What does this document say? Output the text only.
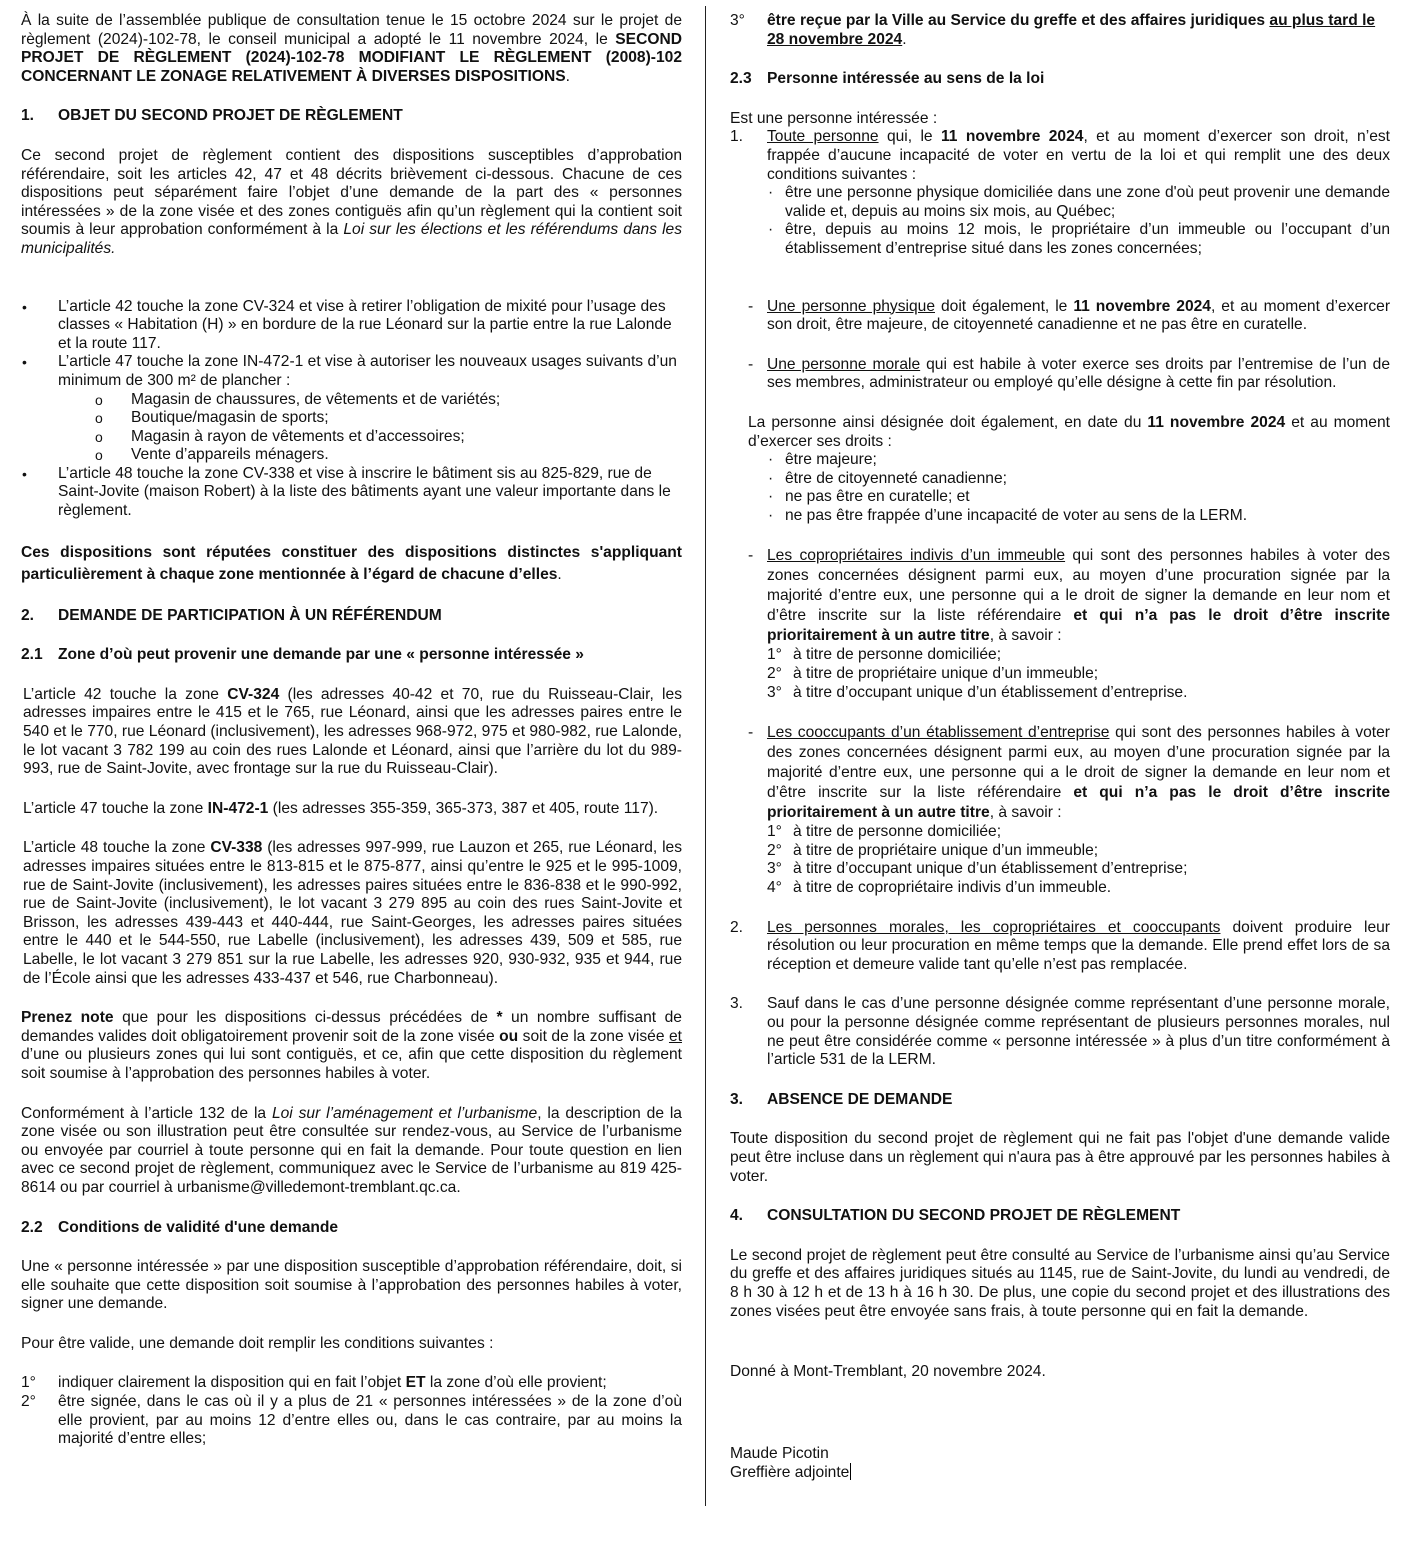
À la suite de l’assemblée publique de consultation tenue le 15 octobre 2024 sur le projet de règlement (2024)-102-78, le conseil municipal a adopté le 11 novembre 2024, le SECOND PROJET DE RÈGLEMENT (2024)-102-78 MODIFIANT LE RÈGLEMENT (2008)-102 CONCERNANT LE ZONAGE RELATIVEMENT À DIVERSES DISPOSITIONS.

1. OBJET DU SECOND PROJET DE RÈGLEMENT

Ce second projet de règlement contient des dispositions susceptibles d’approbation référendaire, soit les articles 42, 47 et 48 décrits brièvement ci-dessous. Chacune de ces dispositions peut séparément faire l’objet d’une demande de la part des « personnes intéressées » de la zone visée et des zones contiguës afin qu’un règlement qui la contient soit soumis à leur approbation conformément à la Loi sur les élections et les référendums dans les municipalités.

• L’article 42 touche la zone CV-324 et vise à retirer l’obligation de mixité pour l’usage des classes « Habitation (H) » en bordure de la rue Léonard sur la partie entre la rue Lalonde et la route 117.
• L’article 47 touche la zone IN-472-1 et vise à autoriser les nouveaux usages suivants d’un minimum de 300 m² de plancher :
o Magasin de chaussures, de vêtements et de variétés;
o Boutique/magasin de sports;
o Magasin à rayon de vêtements et d’accessoires;
o Vente d’appareils ménagers.
• L’article 48 touche la zone CV-338 et vise à inscrire le bâtiment sis au 825-829, rue de Saint-Jovite (maison Robert) à la liste des bâtiments ayant une valeur importante dans le règlement.

Ces dispositions sont réputées constituer des dispositions distinctes s'appliquant particulièrement à chaque zone mentionnée à l’égard de chacune d’elles.

2. DEMANDE DE PARTICIPATION À UN RÉFÉRENDUM

2.1 Zone d’où peut provenir une demande par une « personne intéressée »

L’article 42 touche la zone CV-324 (les adresses 40-42 et 70, rue du Ruisseau-Clair, les adresses impaires entre le 415 et le 765, rue Léonard, ainsi que les adresses paires entre le 540 et le 770, rue Léonard (inclusivement), les adresses 968-972, 975 et 980-982, rue Lalonde, le lot vacant 3 782 199 au coin des rues Lalonde et Léonard, ainsi que l’arrière du lot du 989-993, rue de Saint-Jovite, avec frontage sur la rue du Ruisseau-Clair).

L’article 47 touche la zone IN-472-1 (les adresses 355-359, 365-373, 387 et 405, route 117).

L’article 48 touche la zone CV-338 (les adresses 997-999, rue Lauzon et 265, rue Léonard, les adresses impaires situées entre le 813-815 et le 875-877, ainsi qu’entre le 925 et le 995-1009, rue de Saint-Jovite (inclusivement), les adresses paires situées entre le 836-838 et le 990-992, rue de Saint-Jovite (inclusivement), le lot vacant 3 279 895 au coin des rues Saint-Jovite et Brisson, les adresses 439-443 et 440-444, rue Saint-Georges, les adresses paires situées entre le 440 et le 544-550, rue Labelle (inclusivement), les adresses 439, 509 et 585, rue Labelle, le lot vacant 3 279 851 sur la rue Labelle, les adresses 920, 930-932, 935 et 944, rue de l’École ainsi que les adresses 433-437 et 546, rue Charbonneau).

Prenez note que pour les dispositions ci-dessus précédées de * un nombre suffisant de demandes valides doit obligatoirement provenir soit de la zone visée ou soit de la zone visée et d’une ou plusieurs zones qui lui sont contiguës, et ce, afin que cette disposition du règlement soit soumise à l’approbation des personnes habiles à voter.

Conformément à l’article 132 de la Loi sur l’aménagement et l’urbanisme, la description de la zone visée ou son illustration peut être consultée sur rendez-vous, au Service de l’urbanisme ou envoyée par courriel à toute personne qui en fait la demande. Pour toute question en lien avec ce second projet de règlement, communiquez avec le Service de l’urbanisme au 819 425-8614 ou par courriel à urbanisme@villedemont-tremblant.qc.ca.

2.2 Conditions de validité d'une demande

Une « personne intéressée » par une disposition susceptible d’approbation référendaire, doit, si elle souhaite que cette disposition soit soumise à l’approbation des personnes habiles à voter, signer une demande.

Pour être valide, une demande doit remplir les conditions suivantes :

1° indiquer clairement la disposition qui en fait l’objet ET la zone d’où elle provient;
2° être signée, dans le cas où il y a plus de 21 « personnes intéressées » de la zone d’où elle provient, par au moins 12 d’entre elles ou, dans le cas contraire, par au moins la majorité d’entre elles;
3° être reçue par la Ville au Service du greffe et des affaires juridiques au plus tard le 28 novembre 2024.

2.3 Personne intéressée au sens de la loi

Est une personne intéressée :

1. Toute personne qui, le 11 novembre 2024, et au moment d’exercer son droit, n’est frappée d’aucune incapacité de voter en vertu de la loi et qui remplit une des deux conditions suivantes :
· être une personne physique domiciliée dans une zone d'où peut provenir une demande valide et, depuis au moins six mois, au Québec;
· être, depuis au moins 12 mois, le propriétaire d’un immeuble ou l’occupant d’un établissement d’entreprise situé dans les zones concernées;
- Une personne physique doit également, le 11 novembre 2024, et au moment d’exercer son droit, être majeure, de citoyenneté canadienne et ne pas être en curatelle.
- Une personne morale qui est habile à voter exerce ses droits par l’entremise de l’un de ses membres, administrateur ou employé qu’elle désigne à cette fin par résolution.

La personne ainsi désignée doit également, en date du 11 novembre 2024 et au moment d’exercer ses droits :

· être majeure;
· être de citoyenneté canadienne;
· ne pas être en curatelle; et
· ne pas être frappée d’une incapacité de voter au sens de la LERM.
- Les copropriétaires indivis d’un immeuble qui sont des personnes habiles à voter des zones concernées désignent parmi eux, au moyen d’une procuration signée par la majorité d’entre eux, une personne qui a le droit de signer la demande en leur nom et d’être inscrite sur la liste référendaire et qui n’a pas le droit d’être inscrite prioritairement à un autre titre, à savoir :
1° à titre de personne domiciliée;
2° à titre de propriétaire unique d’un immeuble;
3° à titre d’occupant unique d’un établissement d’entreprise.
- Les cooccupants d’un établissement d’entreprise qui sont des personnes habiles à voter des zones concernées désignent parmi eux, au moyen d’une procuration signée par la majorité d’entre eux, une personne qui a le droit de signer la demande en leur nom et d’être inscrite sur la liste référendaire et qui n’a pas le droit d’être inscrite prioritairement à un autre titre, à savoir :
1° à titre de personne domiciliée;
2° à titre de propriétaire unique d’un immeuble;
3° à titre d’occupant unique d’un établissement d’entreprise;
4° à titre de copropriétaire indivis d’un immeuble.
2. Les personnes morales, les copropriétaires et cooccupants doivent produire leur résolution ou leur procuration en même temps que la demande. Elle prend effet lors de sa réception et demeure valide tant qu’elle n’est pas remplacée.
3. Sauf dans le cas d’une personne désignée comme représentant d’une personne morale, ou pour la personne désignée comme représentant de plusieurs personnes morales, nul ne peut être considérée comme « personne intéressée » à plus d’un titre conformément à l’article 531 de la LERM.

3. ABSENCE DE DEMANDE

Toute disposition du second projet de règlement qui ne fait pas l'objet d'une demande valide peut être incluse dans un règlement qui n'aura pas à être approuvé par les personnes habiles à voter.

4. CONSULTATION DU SECOND PROJET DE RÈGLEMENT

Le second projet de règlement peut être consulté au Service de l’urbanisme ainsi qu’au Service du greffe et des affaires juridiques situés au 1145, rue de Saint-Jovite, du lundi au vendredi, de 8 h 30 à 12 h et de 13 h à 16 h 30. De plus, une copie du second projet et des illustrations des zones visées peut être envoyée sans frais, à toute personne qui en fait la demande.

Donné à Mont-Tremblant, 20 novembre 2024.

Maude Picotin

Greffière adjointe
